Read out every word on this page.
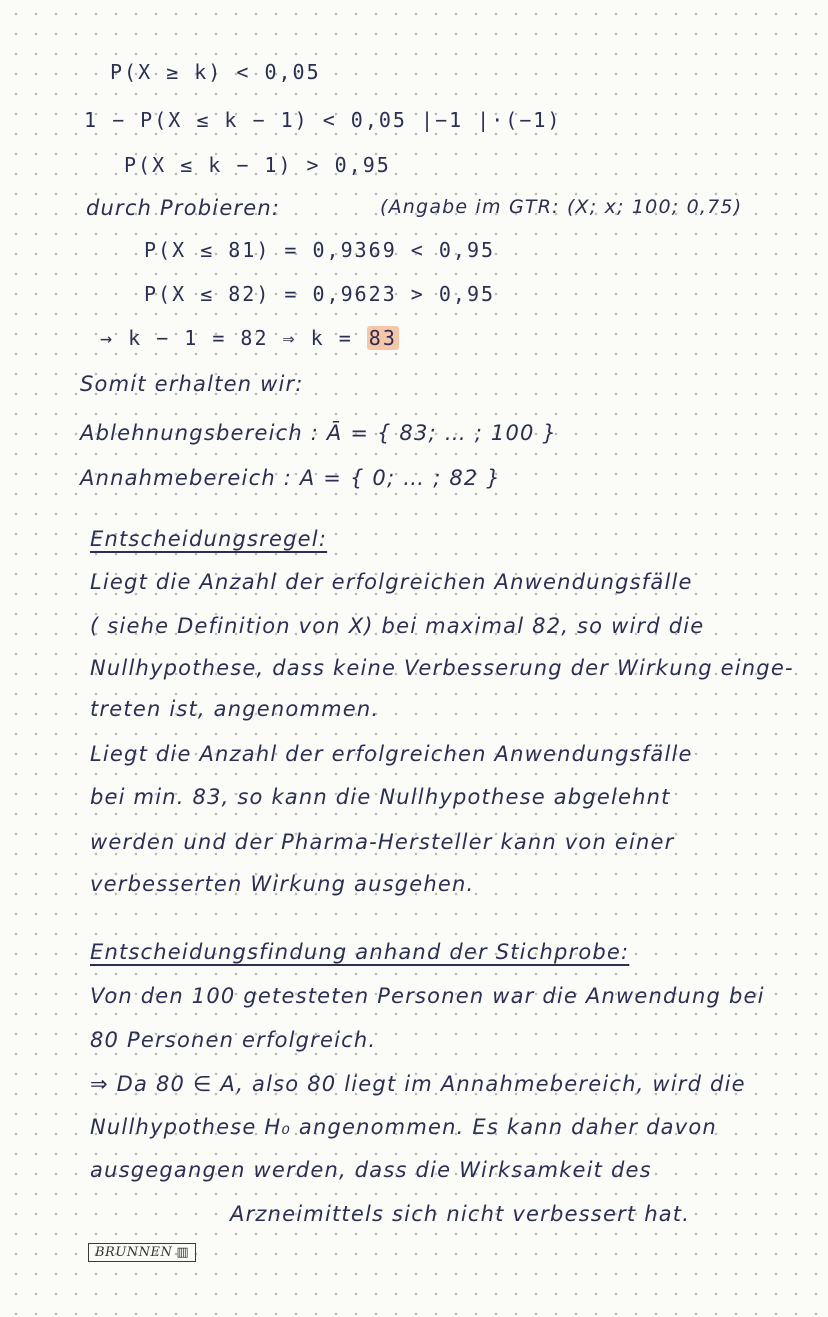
P(X ≥ k) < 0,05
1 − P(X ≤ k − 1) < 0,05 |−1 |·(−1)
P(X ≤ k − 1) > 0,95
durch Probieren:	(Angabe im GTR: (X; x; 100; 0,75)
P(X ≤ 81) = 0,9369 < 0,95
P(X ≤ 82) = 0,9623 > 0,95
→ k − 1 = 82 ⇒ k = 83
Somit erhalten wir:
Ablehnungsbereich : Ā = { 83; … ; 100 }
Annahmebereich : A = { 0; … ; 82 }
Entscheidungsregel:
Liegt die Anzahl der erfolgreichen Anwendungsfälle
( siehe Definition von X) bei maximal 82, so wird die
Nullhypothese, dass keine Verbesserung der Wirkung einge-
treten ist, angenommen.
Liegt die Anzahl der erfolgreichen Anwendungsfälle
bei min. 83, so kann die Nullhypothese abgelehnt
werden und der Pharma-Hersteller kann von einer
verbesserten Wirkung ausgehen.
Entscheidungsfindung anhand der Stichprobe:
Von den 100 getesteten Personen war die Anwendung bei
80 Personen erfolgreich.
⇒ Da 80 ∈ A, also 80 liegt im Annahmebereich, wird die
Nullhypothese H₀ angenommen. Es kann daher davon
ausgegangen werden, dass die Wirksamkeit des
Arzneimittels sich nicht verbessert hat.
BRUNNEN ▥
